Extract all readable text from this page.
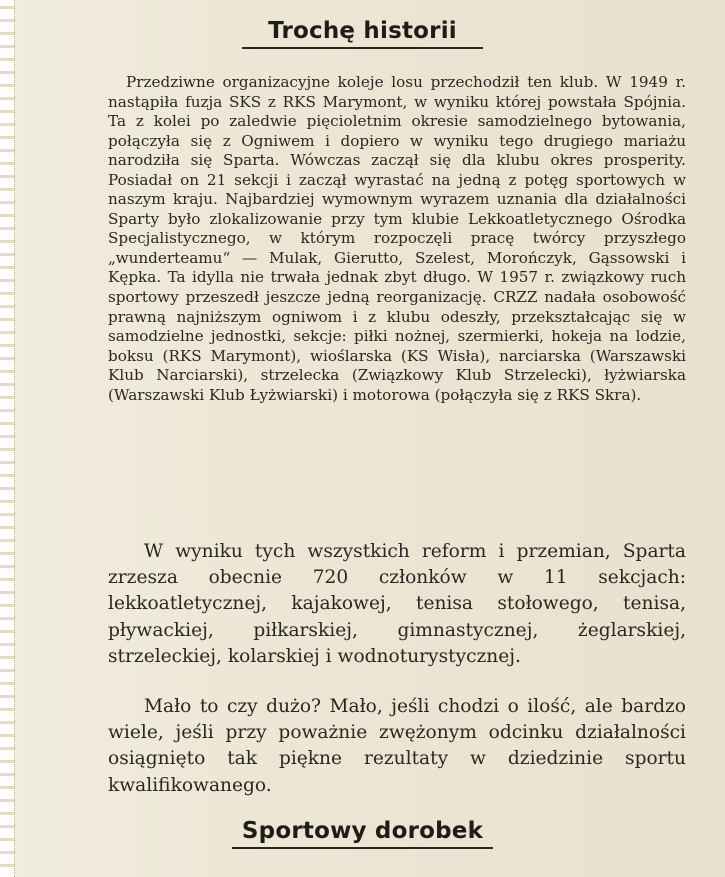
Trochę historii

Przedziwne organizacyjne koleje losu przechodził ten klub. W 1949 r. nastąpiła fuzja SKS z RKS Marymont, w wyniku której powstała Spójnia. Ta z kolei po zaledwie pięcioletnim okresie samodzielnego bytowania, połączyła się z Ogniwem i dopiero w wyniku tego drugiego mariażu narodziła się Sparta. Wówczas zaczął się dla klubu okres prosperity. Posiadał on 21 sekcji i zaczął wyrastać na jedną z potęg sportowych w naszym kraju. Najbardziej wymownym wyrazem uznania dla działalności Sparty było zlokalizowanie przy tym klubie Lekkoatletycznego Ośrodka Specjalistycznego, w którym rozpoczęli pracę twórcy przyszłego „wunderteamu“ — Mulak, Gierutto, Szelest, Morończyk, Gąssowski i Kępka. Ta idylla nie trwała jednak zbyt długo. W 1957 r. związkowy ruch sportowy przeszedł jeszcze jedną reorganizację. CRZZ nadała osobowość prawną najniższym ogniwom i z klubu odeszły, przekształcając się w samodzielne jednostki, sekcje: piłki nożnej, szermierki, hokeja na lodzie, boksu (RKS Marymont), wioślarska (KS Wisła), narciarska (Warszawski Klub Narciarski), strzelecka (Związkowy Klub Strzelecki), łyżwiarska (Warszawski Klub Łyżwiarski) i motorowa (połączyła się z RKS Skra).

W wyniku tych wszystkich reform i przemian, Sparta zrzesza obecnie 720 członków w 11 sekcjach: lekkoatletycznej, kajakowej, tenisa stołowego, tenisa, pływackiej, piłkarskiej, gimnastycznej, żeglarskiej, strzeleckiej, kolarskiej i wodnoturystycznej.

Mało to czy dużo? Mało, jeśli chodzi o ilość, ale bardzo wiele, jeśli przy poważnie zwężonym odcinku działalności osiągnięto tak piękne rezultaty w dziedzinie sportu kwalifikowanego.

Sportowy dorobek
